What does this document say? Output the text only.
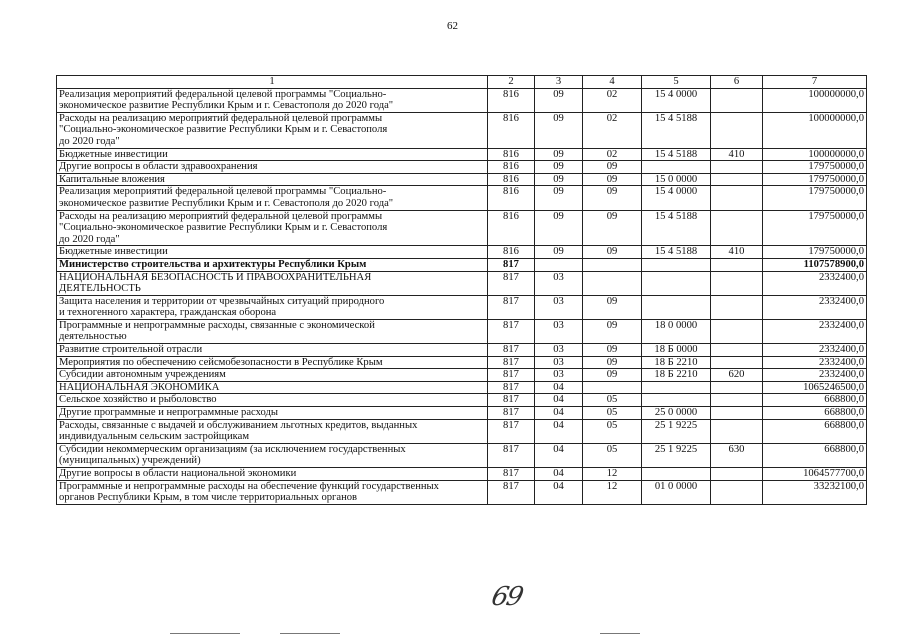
62
1	2	3	4	5	6	7
Реализация мероприятий федеральной целевой программы "Социально-
экономическое развитие Республики Крым и г. Севастополя до 2020 года"	816	09	02	15 4 0000		100000000,0
Расходы на реализацию мероприятий федеральной целевой программы
"Социально-экономическое развитие Республики Крым и г. Севастополя
до 2020 года"	816	09	02	15 4 5188		100000000,0
Бюджетные инвестиции	816	09	02	15 4 5188	410	100000000,0
Другие вопросы в области здравоохранения	816	09	09			179750000,0
Капитальные вложения	816	09	09	15 0 0000		179750000,0
Реализация мероприятий федеральной целевой программы "Социально-
экономическое развитие Республики Крым и г. Севастополя до 2020 года"	816	09	09	15 4 0000		179750000,0
Расходы на реализацию мероприятий федеральной целевой программы
"Социально-экономическое развитие Республики Крым и г. Севастополя
до 2020 года"	816	09	09	15 4 5188		179750000,0
Бюджетные инвестиции	816	09	09	15 4 5188	410	179750000,0
Министерство строительства и архитектуры Республики Крым	817					1107578900,0
НАЦИОНАЛЬНАЯ БЕЗОПАСНОСТЬ И ПРАВООХРАНИТЕЛЬНАЯ
ДЕЯТЕЛЬНОСТЬ	817	03				2332400,0
Защита населения и территории от чрезвычайных ситуаций природного
и техногенного характера, гражданская оборона	817	03	09			2332400,0
Программные и непрограммные расходы, связанные с экономической
деятельностью	817	03	09	18 0 0000		2332400,0
Развитие строительной отрасли	817	03	09	18 Б 0000		2332400,0
Мероприятия по обеспечению сейсмобезопасности в Республике Крым	817	03	09	18 Б 2210		2332400,0
Субсидии автономным учреждениям	817	03	09	18 Б 2210	620	2332400,0
НАЦИОНАЛЬНАЯ ЭКОНОМИКА	817	04				1065246500,0
Сельское хозяйство и рыболовство	817	04	05			668800,0
Другие программные и непрограммные расходы	817	04	05	25 0 0000		668800,0
Расходы, связанные с выдачей и обслуживанием льготных кредитов, выданных
индивидуальным сельским застройщикам	817	04	05	25 1 9225		668800,0
Субсидии некоммерческим организациям (за исключением государственных
(муниципальных) учреждений)	817	04	05	25 1 9225	630	668800,0
Другие вопросы в области национальной экономики	817	04	12			1064577700,0
Программные и непрограммные расходы на обеспечение функций государственных
органов Республики Крым, в том числе территориальных органов	817	04	12	01 0 0000		33232100,0
69
